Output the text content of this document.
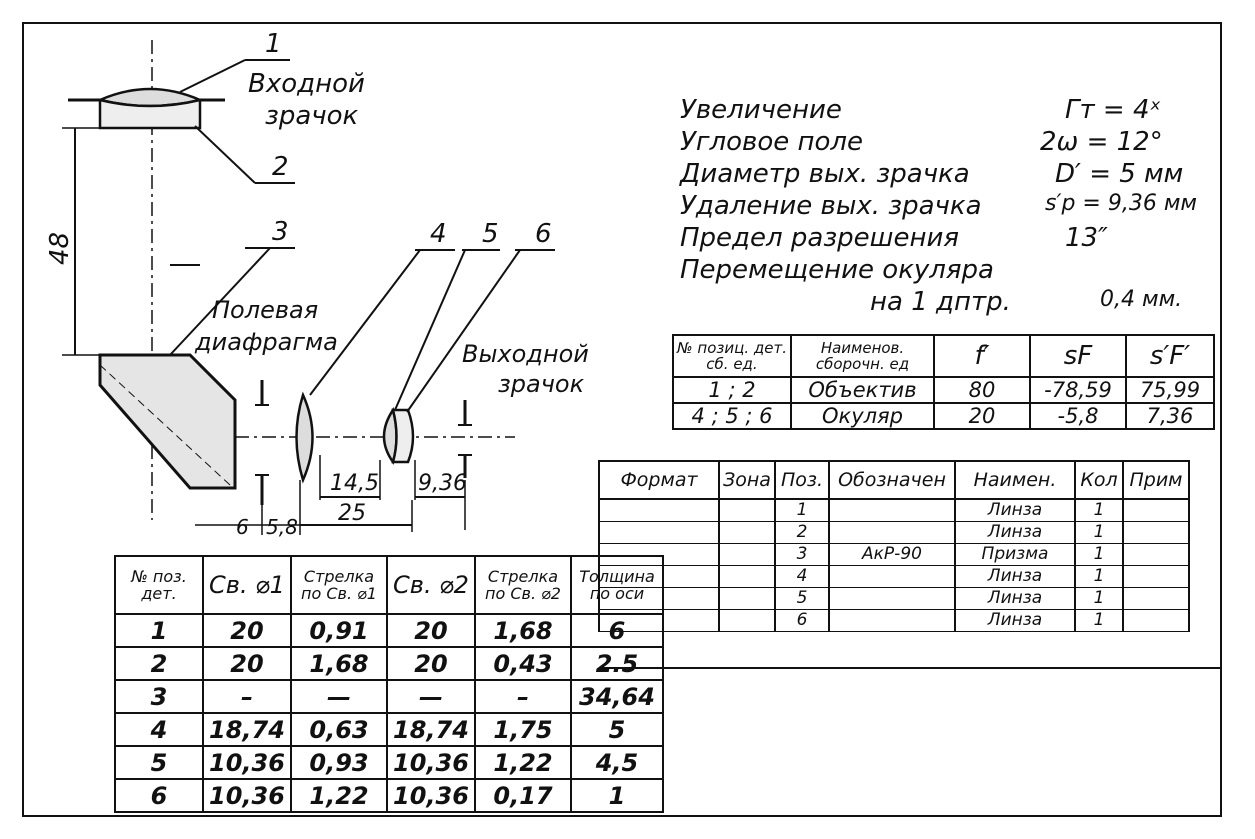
1
Входной
зрачок
2
48	3
Полевая
диафрагма
4 5 6
Выходной
зрачок
14,5 9,36
25
6 5,8
Увеличение	Гт = 4ˣ
Угловое поле	2ω = 12°
Диаметр вых. зрачка	D′ = 5 мм
Удаление вых. зрачка	s′p = 9,36 мм
Предел разрешения	13″
Перемещение окуляра
на 1 дптр.	0,4 мм.
№ позиц. дет. сб. ед.	Наименов. сборочн. ед	f′	sF	s′F′
1 ; 2	Объектив	80	-78,59	75,99
4 ; 5 ; 6	Окуляр	20	-5,8	7,36
Формат	Зона	Поз.	Обозначен	Наимен.	Кол	Прим
		1		Линза	1	
		2		Линза	1	
		3	АкР-90	Призма	1	
		4		Линза	1	
		5		Линза	1	
		6		Линза	1	
№ поз. дет.	Св. ⌀1	Стрелка по Св. ⌀1	Св. ⌀2	Стрелка по Св. ⌀2	Толщина по оси
1	20	0,91	20	1,68	6
2	20	1,68	20	0,43	2.5
3	–	—	—	–	34,64
4	18,74	0,63	18,74	1,75	5
5	10,36	0,93	10,36	1,22	4,5
6	10,36	1,22	10,36	0,17	1
